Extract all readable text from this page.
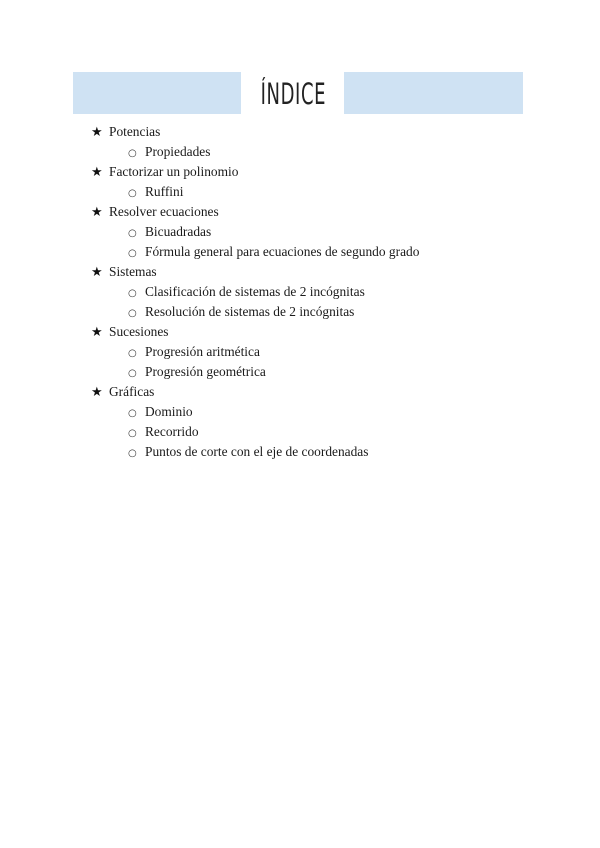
ÍNDICE
★ Potencias
○ Propiedades
★ Factorizar un polinomio
○ Ruffini
★ Resolver ecuaciones
○ Bicuadradas
○ Fórmula general para ecuaciones de segundo grado
★ Sistemas
○ Clasificación de sistemas de 2 incógnitas
○ Resolución de sistemas de 2 incógnitas
★ Sucesiones
○ Progresión aritmética
○ Progresión geométrica
★ Gráficas
○ Dominio
○ Recorrido
○ Puntos de corte con el eje de coordenadas
